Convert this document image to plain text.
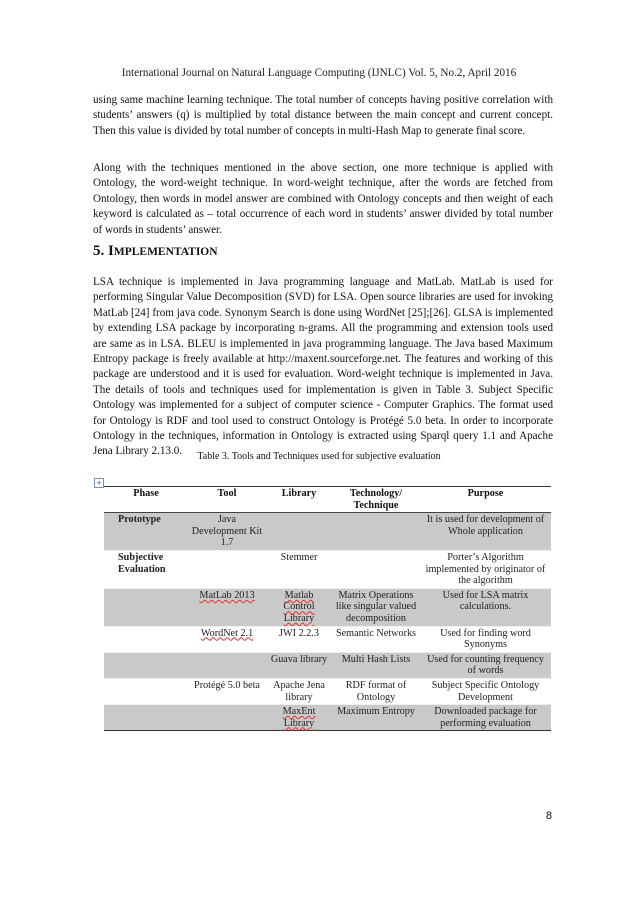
International Journal on Natural Language Computing (IJNLC) Vol. 5, No.2, April 2016

using same machine learning technique. The total number of concepts having positive correlation with students’ answers (q) is multiplied by total distance between the main concept and current concept. Then this value is divided by total number of concepts in multi-Hash Map to generate final score.

Along with the techniques mentioned in the above section, one more technique is applied with Ontology, the word-weight technique. In word-weight technique, after the words are fetched from Ontology, then words in model answer are combined with Ontology concepts and then weight of each keyword is calculated as – total occurrence of each word in students’ answer divided by total number of words in students’ answer.

5. IMPLEMENTATION

LSA technique is implemented in Java programming language and MatLab. MatLab is used for performing Singular Value Decomposition (SVD) for LSA. Open source libraries are used for invoking MatLab [24] from java code. Synonym Search is done using WordNet [25];[26]. GLSA is implemented by extending LSA package by incorporating n-grams. All the programming and extension tools used are same as in LSA. BLEU is implemented in java programming language. The Java based Maximum Entropy package is freely available at http://maxent.sourceforge.net. The features and working of this package are understood and it is used for evaluation. Word-weight technique is implemented in Java. The details of tools and techniques used for implementation is given in Table 3. Subject Specific Ontology was implemented for a subject of computer science - Computer Graphics. The format used for Ontology is RDF and tool used to construct Ontology is Protégé 5.0 beta. In order to incorporate Ontology in the techniques, information in Ontology is extracted using Sparql query 1.1 and Apache Jena Library 2.13.0.	Table 3. Tools and Techniques used for subjective evaluation

+
Phase	Tool	Library	Technology/ Technique	Purpose
Prototype	Java Development Kit 1.7			It is used for development of Whole application
Subjective Evaluation		Stemmer		Porter’s Algorithm implemented by originator of the algorithm
	MatLab 2013	Matlab Control Library	Matrix Operations like singular valued decomposition	Used for LSA matrix calculations.
	WordNet 2.1	JWI 2.2.3	Semantic Networks	Used for finding word Synonyms
		Guava library	Multi Hash Lists	Used for counting frequency of words
	Protégé 5.0 beta	Apache Jena library	RDF format of Ontology	Subject Specific Ontology Development
		MaxEnt Library	Maximum Entropy	Downloaded package for performing evaluation
8
